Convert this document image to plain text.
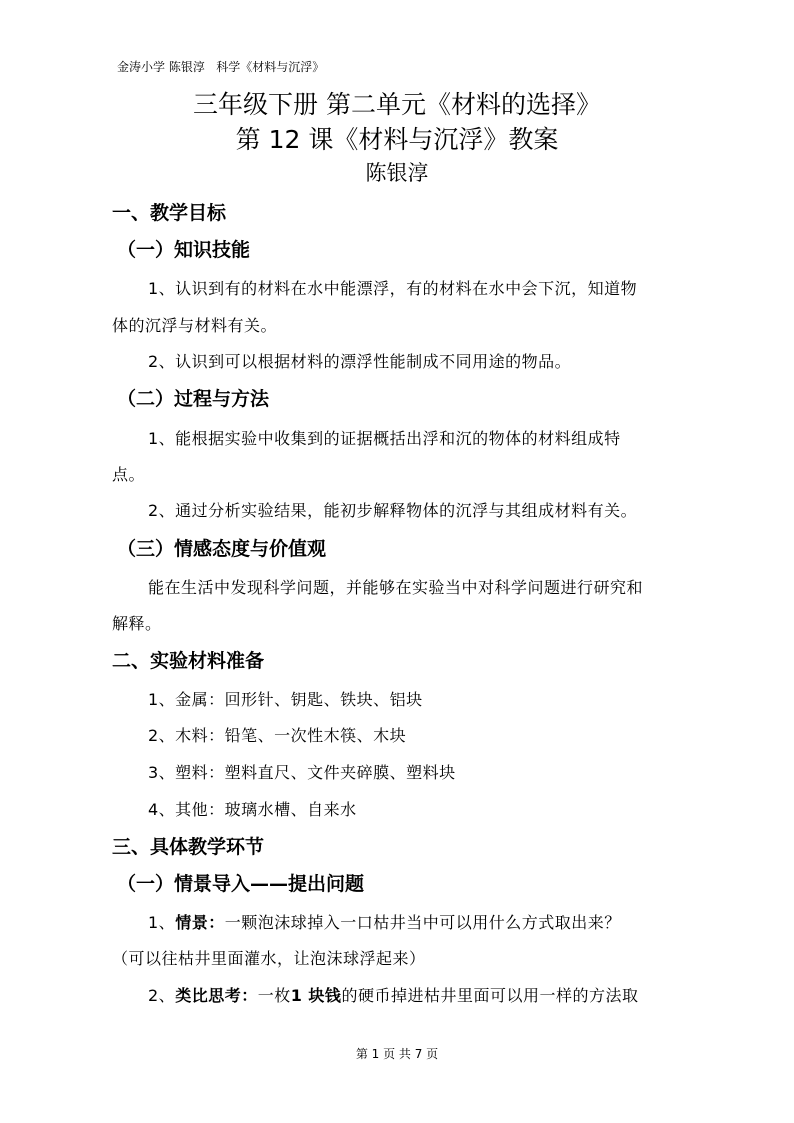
金涛小学 陈银淳   科学《材料与沉浮》
三年级下册 第二单元《材料的选择》
第 12 课《材料与沉浮》教案
陈银淳
一、教学目标
（一）知识技能
1、认识到有的材料在水中能漂浮，有的材料在水中会下沉，知道物
体的沉浮与材料有关。
2、认识到可以根据材料的漂浮性能制成不同用途的物品。
（二）过程与方法
1、能根据实验中收集到的证据概括出浮和沉的物体的材料组成特
点。
2、通过分析实验结果，能初步解释物体的沉浮与其组成材料有关。
（三）情感态度与价值观
能在生活中发现科学问题，并能够在实验当中对科学问题进行研究和
解释。
二、实验材料准备
1、金属：回形针、钥匙、铁块、铝块
2、木料：铅笔、一次性木筷、木块
3、塑料：塑料直尺、文件夹碎膜、塑料块
4、其他：玻璃水槽、自来水
三、具体教学环节
（一）情景导入——提出问题
1、情景：一颗泡沫球掉入一口枯井当中可以用什么方式取出来？
（可以往枯井里面灌水，让泡沫球浮起来）
2、类比思考：一枚1 块钱的硬币掉进枯井里面可以用一样的方法取
第 1 页 共 7 页
